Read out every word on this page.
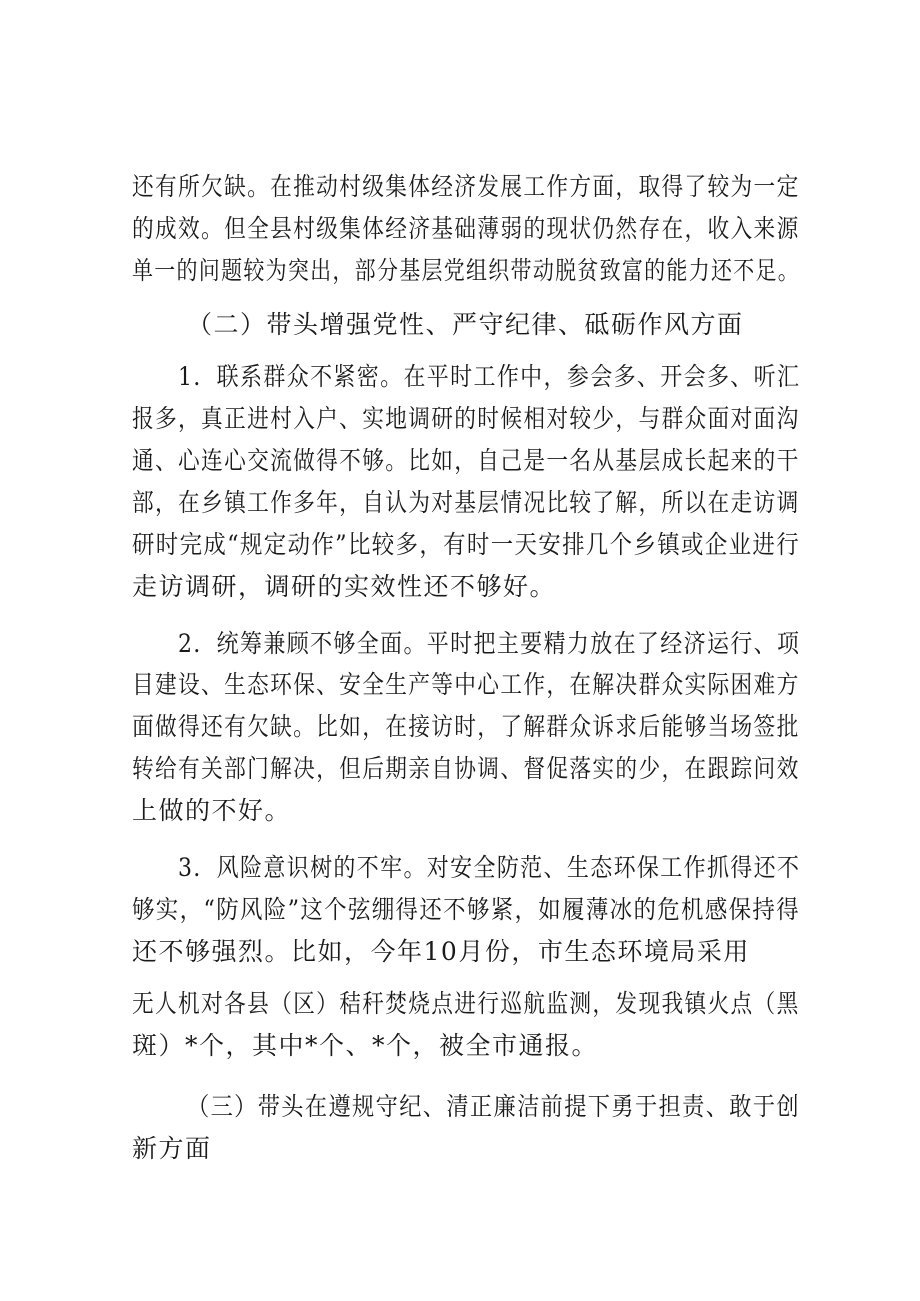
还有所欠缺。在推动村级集体经济发展工作方面，取得了较为一定
的成效。但全县村级集体经济基础薄弱的现状仍然存在，收入来源
单一的问题较为突出，部分基层党组织带动脱贫致富的能力还不足。
（二）带头增强党性、严守纪律、砥砺作风方面
1．联系群众不紧密。在平时工作中，参会多、开会多、听汇
报多，真正进村入户、实地调研的时候相对较少，与群众面对面沟
通、心连心交流做得不够。比如，自己是一名从基层成长起来的干
部，在乡镇工作多年，自认为对基层情况比较了解，所以在走访调
研时完成“规定动作”比较多，有时一天安排几个乡镇或企业进行
走访调研，调研的实效性还不够好。
2．统筹兼顾不够全面。平时把主要精力放在了经济运行、项
目建设、生态环保、安全生产等中心工作，在解决群众实际困难方
面做得还有欠缺。比如，在接访时，了解群众诉求后能够当场签批
转给有关部门解决，但后期亲自协调、督促落实的少，在跟踪问效
上做的不好。
3．风险意识树的不牢。对安全防范、生态环保工作抓得还不
够实，“防风险”这个弦绷得还不够紧，如履薄冰的危机感保持得
还不够强烈。比如，今年10月份，市生态环境局采用
无人机对各县（区）秸秆焚烧点进行巡航监测，发现我镇火点（黑
斑）*个，其中*个、*个，被全市通报。
（三）带头在遵规守纪、清正廉洁前提下勇于担责、敢于创
新方面
